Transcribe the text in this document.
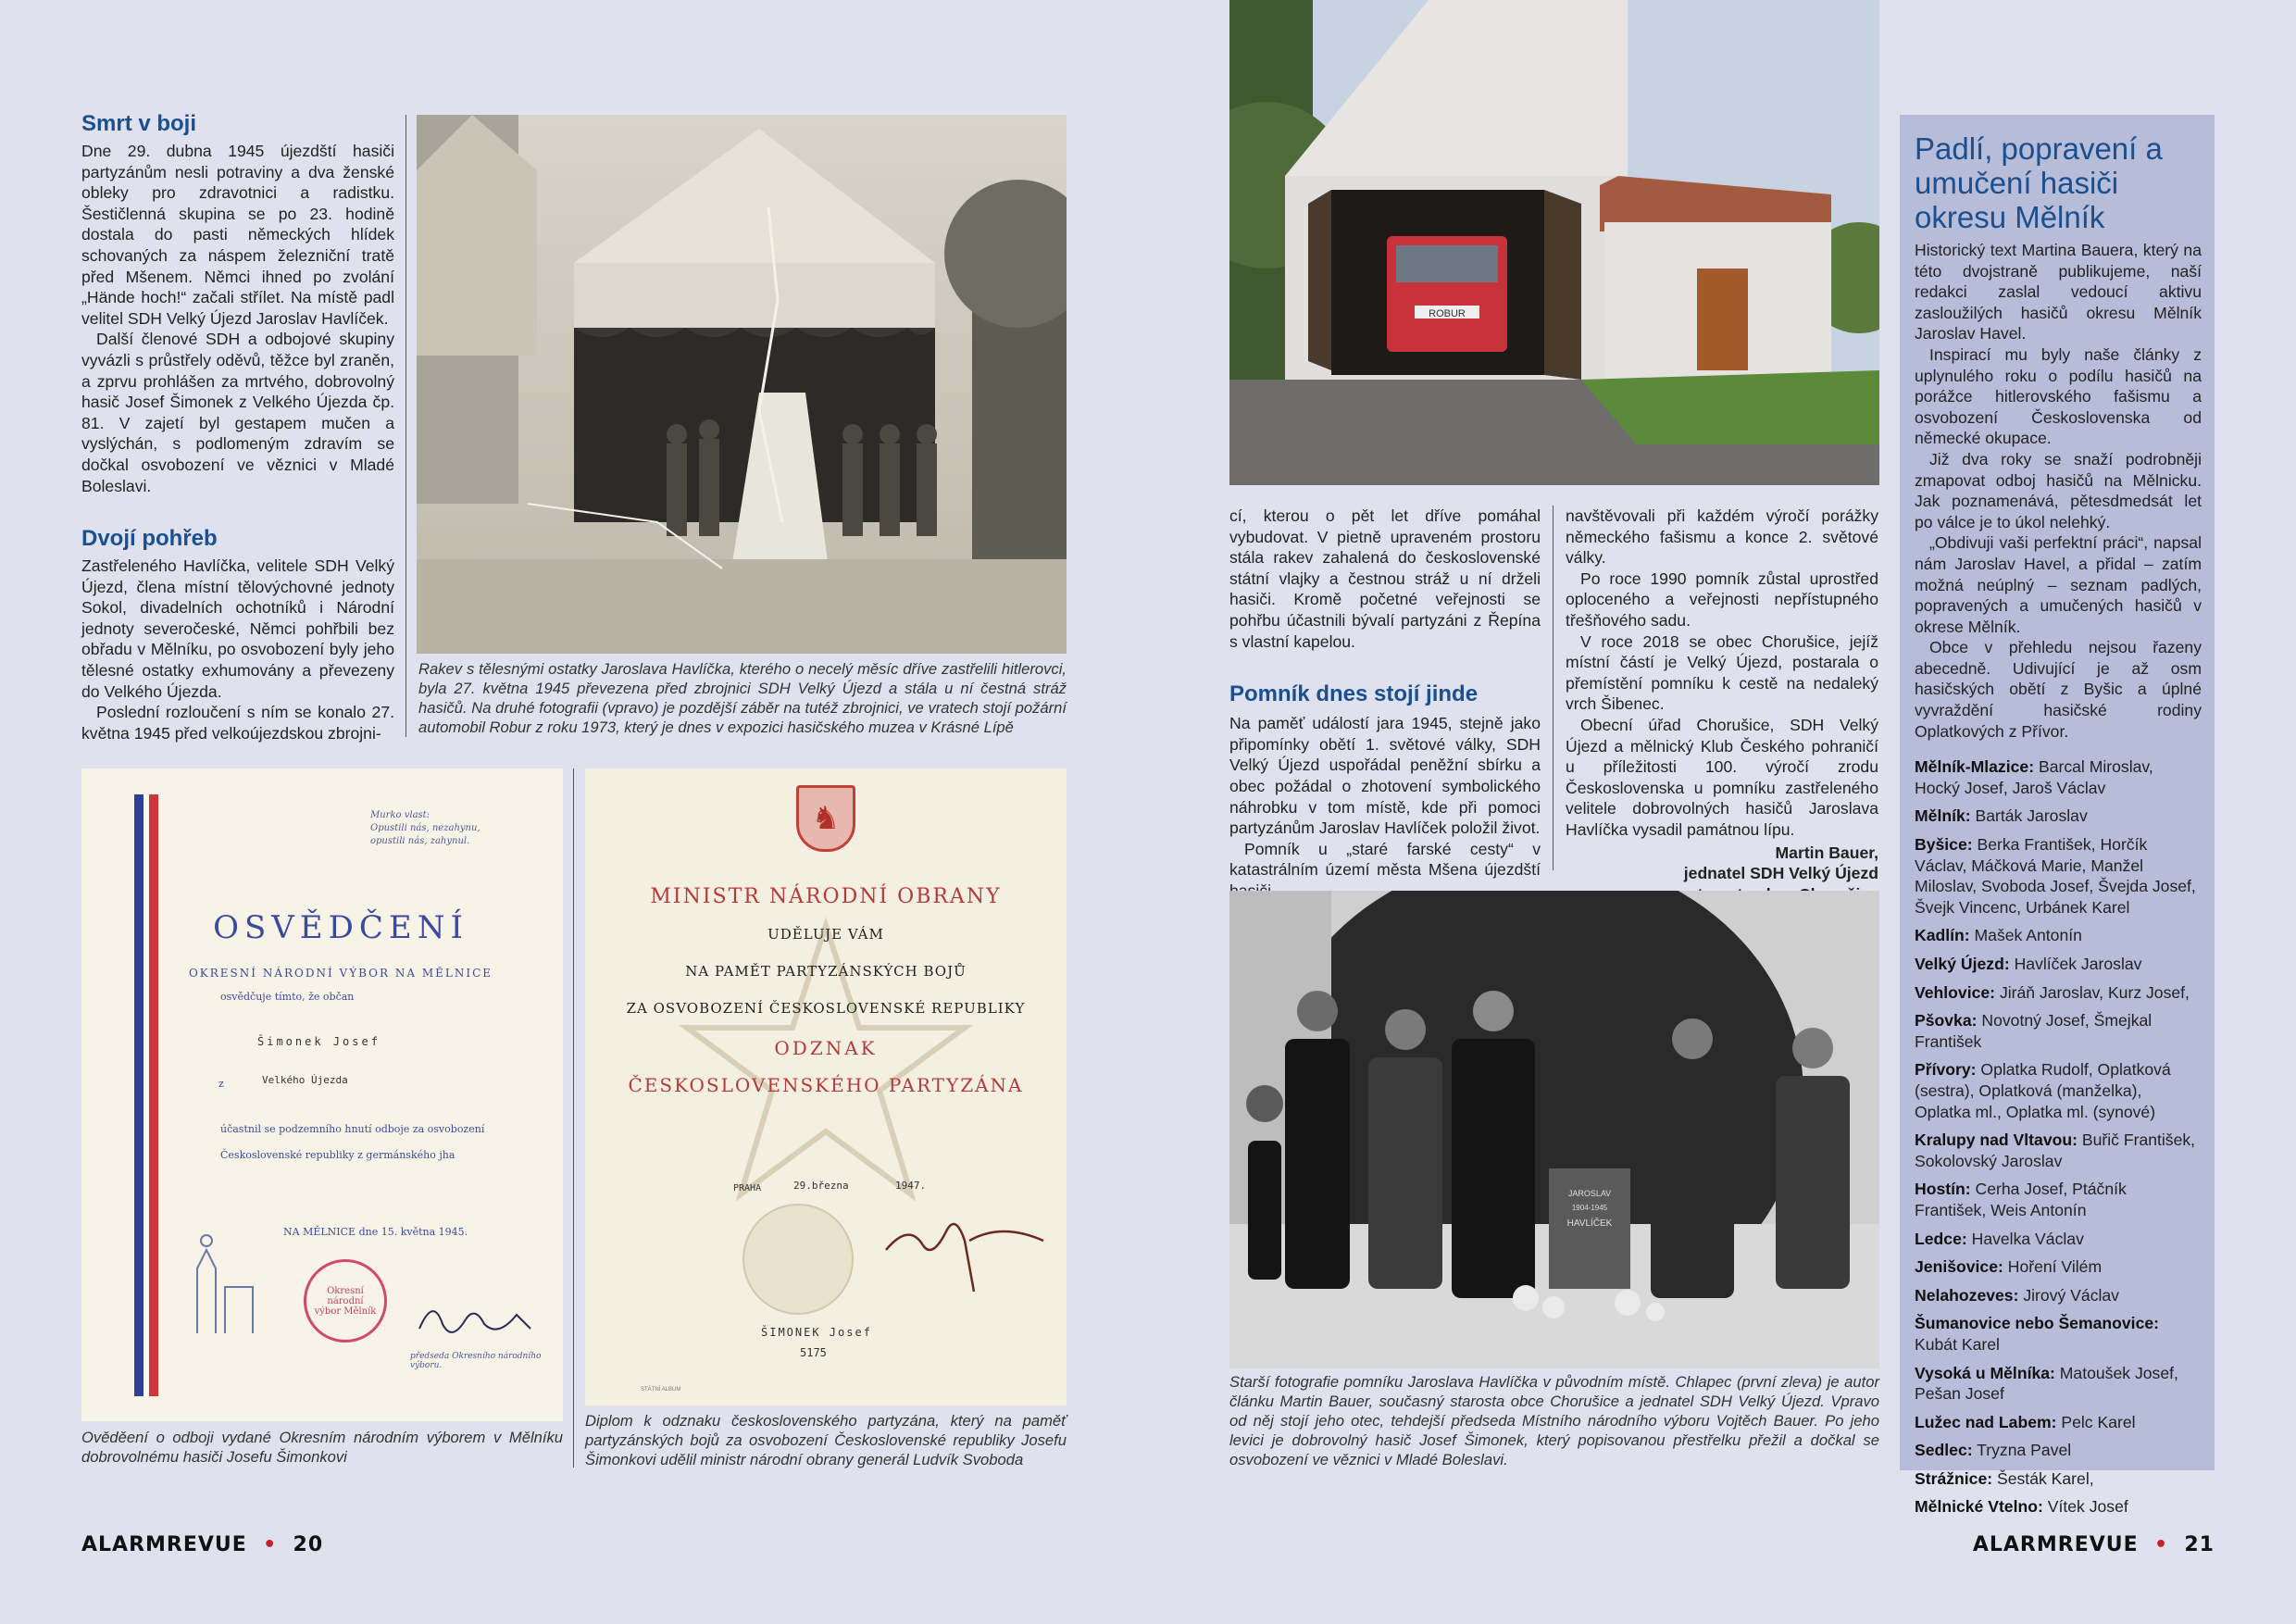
Smrt v boji

Dne 29. dubna 1945 újezdští hasiči partyzánům nesli potraviny a dva ženské obleky pro zdravotnici a radistku. Šestičlenná skupina se po 23. hodině dostala do pasti německých hlídek schovaných za náspem železniční tratě před Mšenem. Němci ihned po zvolání „Hände hoch!“ začali střílet. Na místě padl velitel SDH Velký Újezd Jaroslav Havlíček.

Další členové SDH a odbojové skupiny vyvázli s průstřely oděvů, těžce byl zraněn, a zprvu prohlášen za mrtvého, dobrovolný hasič Josef Šimonek z Velkého Újezda čp. 81. V zajetí byl gestapem mučen a vyslýchán, s podlomeným zdravím se dočkal osvobození ve věznici v Mladé Boleslavi.

Dvojí pohřeb

Zastřeleného Havlíčka, velitele SDH Velký Újezd, člena místní tělovýchovné jednoty Sokol, divadelních ochotníků i Národní jednoty severočeské, Němci pohřbili bez obřadu v Mělníku, po osvobození byly jeho tělesné ostatky exhumovány a převezeny do Velkého Újezda.

Poslední rozloučení s ním se konalo 27. května 1945 před velkoújezdskou zbrojni-

Rakev s tělesnými ostatky Jaroslava Havlíčka, kterého o necelý měsíc dříve zastřelili hitlerovci, byla 27. května 1945 převezena před zbrojnici SDH Velký Újezd a stála u ní čestná stráž hasičů. Na druhé fotografii (vpravo) je pozdější záběr na tutéž zbrojnici, ve vratech stojí požární automobil Robur z roku 1973, který je dnes v expozici hasičského muzea v Krásné Lípě
Murko vlast:
Opustili nás, nezahynu,
opustili nás, zahynul.
OSVĚDČENÍ
OKRESNÍ NÁRODNÍ VÝBOR NA MĚLNICE
osvědčuje tímto, že občan
Šimonek Josef
z	Velkého Újezda
účastnil se podzemního hnutí odboje za osvobození
Československé republiky z germánského jha
NA MĚLNICE dne 15. května 1945.
Okresní národní výbor Mělník
předseda Okresního národního výboru.
Ověděení o odboji vydané Okresním národním výborem v Mělníku dobrovolnému hasiči Josefu Šimonkovi
♞
MINISTR NÁRODNÍ OBRANY
UDĚLUJE VÁM
NA PAMĚT PARTYZÁNSKÝCH BOJŮ
ZA OSVOBOZENÍ ČESKOSLOVENSKÉ REPUBLIKY
ODZNAK
ČESKOSLOVENSKÉHO PARTYZÁNA
PRAHA	29.března	1947.
ŠIMONEK Josef
5175
STÁTNÍ ALBUM
Diplom k odznaku československého partyzána, který na paměť partyzánských bojů za osvobození Československé republiky Josefu Šimonkovi udělil ministr národní obrany generál Ludvík Svoboda
ALARMREVUE  •  20
ROBUR

cí, kterou o pět let dříve pomáhal vybudovat. V pietně upraveném prostoru stála rakev zahalená do československé státní vlajky a čestnou stráž u ní drželi hasiči. Kromě početné veřejnosti se pohřbu účastnili bývalí partyzáni z Řepína s vlastní kapelou.

Pomník dnes stojí jinde

Na paměť událostí jara 1945, stejně jako připomínky obětí 1. světové války, SDH Velký Újezd uspořádal peněžní sbírku a obec požádal o zhotovení symbolického náhrobku v tom místě, kde při pomoci partyzánům Jaroslav Havlíček položil život.

Pomník u „staré farské cesty“ v katastrálním území města Mšena újezdští

navštěvovali při každém výročí porážky německého fašismu a konce 2. světové války.

Po roce 1990 pomník zůstal uprostřed oploceného a veřejnosti nepřístupného třešňového sadu.

V roce 2018 se obec Chorušice, jejíž místní částí je Velký Újezd, postarala o přemístění pomníku k cestě na nedaleký vrch Šibenec.

Obecní úřad Chorušice, SDH Velký Újezd a mělnický Klub Českého pohraničí u příležitosti 100. výročí zrodu Československa u pomníku zastřeleného velitele dobrovolných hasičů Jaroslava Havlíčka vysadil památnou lípu.

Martin Bauer,
jednatel SDH Velký Újezd
JAROSLAV
1904-1945
HAVLÍČEK
Starší fotografie pomníku Jaroslava Havlíčka v původním místě. Chlapec (první zleva) je autor článku Martin Bauer, současný starosta obce Chorušice a jednatel SDH Velký Újezd. Vpravo od něj stojí jeho otec, tehdejší předseda Místního národního výboru Vojtěch Bauer. Po jeho levici je dobrovolný hasič Josef Šimonek, který popisovanou přestřelku přežil a dočkal se osvobození ve věznici v Mladé Boleslavi.
Padlí, popravení a umučení hasiči okresu Mělník

Historický text Martina Bauera, který na této dvojstraně publikujeme, naší redakci zaslal vedoucí aktivu zasloužilých hasičů okresu Mělník Jaroslav Havel.

Inspirací mu byly naše články z uplynulého roku o podílu hasičů na porážce hitlerovského fašismu a osvobození Československa od německé okupace.

Již dva roky se snaží podrobněji zmapovat odboj hasičů na Mělnicku. Jak poznamenává, pětesdmedsát let po válce je to úkol nelehký.

„Obdivuji vaši perfektní práci“, napsal nám Jaroslav Havel, a přidal – zatím možná neúplný – seznam padlých, popravených a umučených hasičů v okrese Mělník.

Obce v přehledu nejsou řazeny abecedně. Udivující je až osm hasičských obětí z Byšic a úplné vyvraždění hasičské rodiny Oplatkových z Přívor.

Mělník-Mlazice: Barcal Miroslav, Hocký Josef, Jaroš Václav
Mělník: Barták Jaroslav
Byšice: Berka František, Horčík Václav, Máčková Marie, Manžel Miloslav, Svoboda Josef, Švejda Josef, Švejk Vincenc, Urbánek Karel
Kadlín: Mašek Antonín
Velký Újezd: Havlíček Jaroslav
Vehlovice: Jiráň Jaroslav, Kurz Josef,
Pšovka: Novotný Josef, Šmejkal František
Přívory: Oplatka Rudolf, Oplatková (sestra), Oplatková (manželka), Oplatka ml., Oplatka ml. (synové)
Kralupy nad Vltavou: Buřič František, Sokolovský Jaroslav
Hostín: Cerha Josef, Ptáčník František, Weis Antonín
Ledce: Havelka Václav
Jenišovice: Hoření Vilém
Nelahozeves: Jirový Václav
Šumanovice nebo Šemanovice: Kubát Karel
Vysoká u Mělníka: Matoušek Josef, Pešan Josef
Lužec nad Labem: Pelc Karel
Sedlec: Tryzna Pavel
Strážnice: Šesták Karel,
Mělnické Vtelno: Vítek Josef
ALARMREVUE  •  21
